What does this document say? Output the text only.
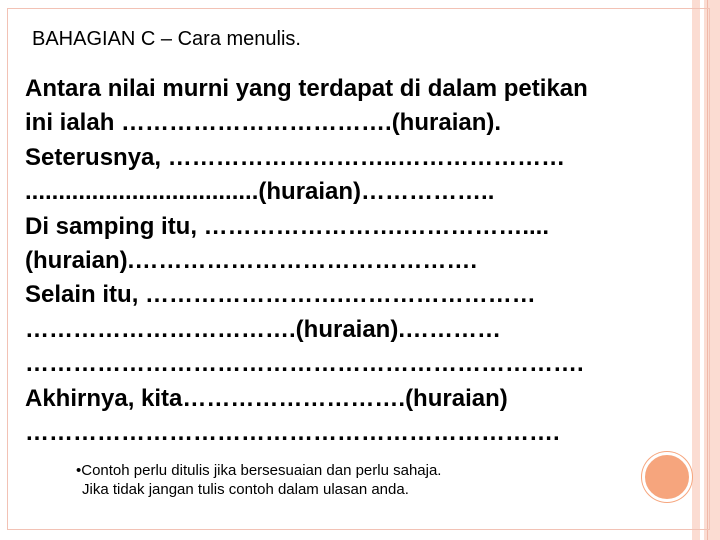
BAHAGIAN C – Cara menulis.
Antara nilai murni yang terdapat di dalam petikan
ini ialah …………………………….(huraian).
Seterusnya, ………………………..…………………
...................................(huraian)……………..
Di samping itu, …………………….……………....
(huraian).…………………………………….
Selain itu, …………………….……………………
…………………………….(huraian).…………
…………………………………………………………….
Akhirnya, kita……………………….(huraian)
………………………………………………………….
•Contoh perlu ditulis jika bersesuaian dan perlu sahaja.
Jika tidak jangan tulis contoh dalam ulasan anda.
